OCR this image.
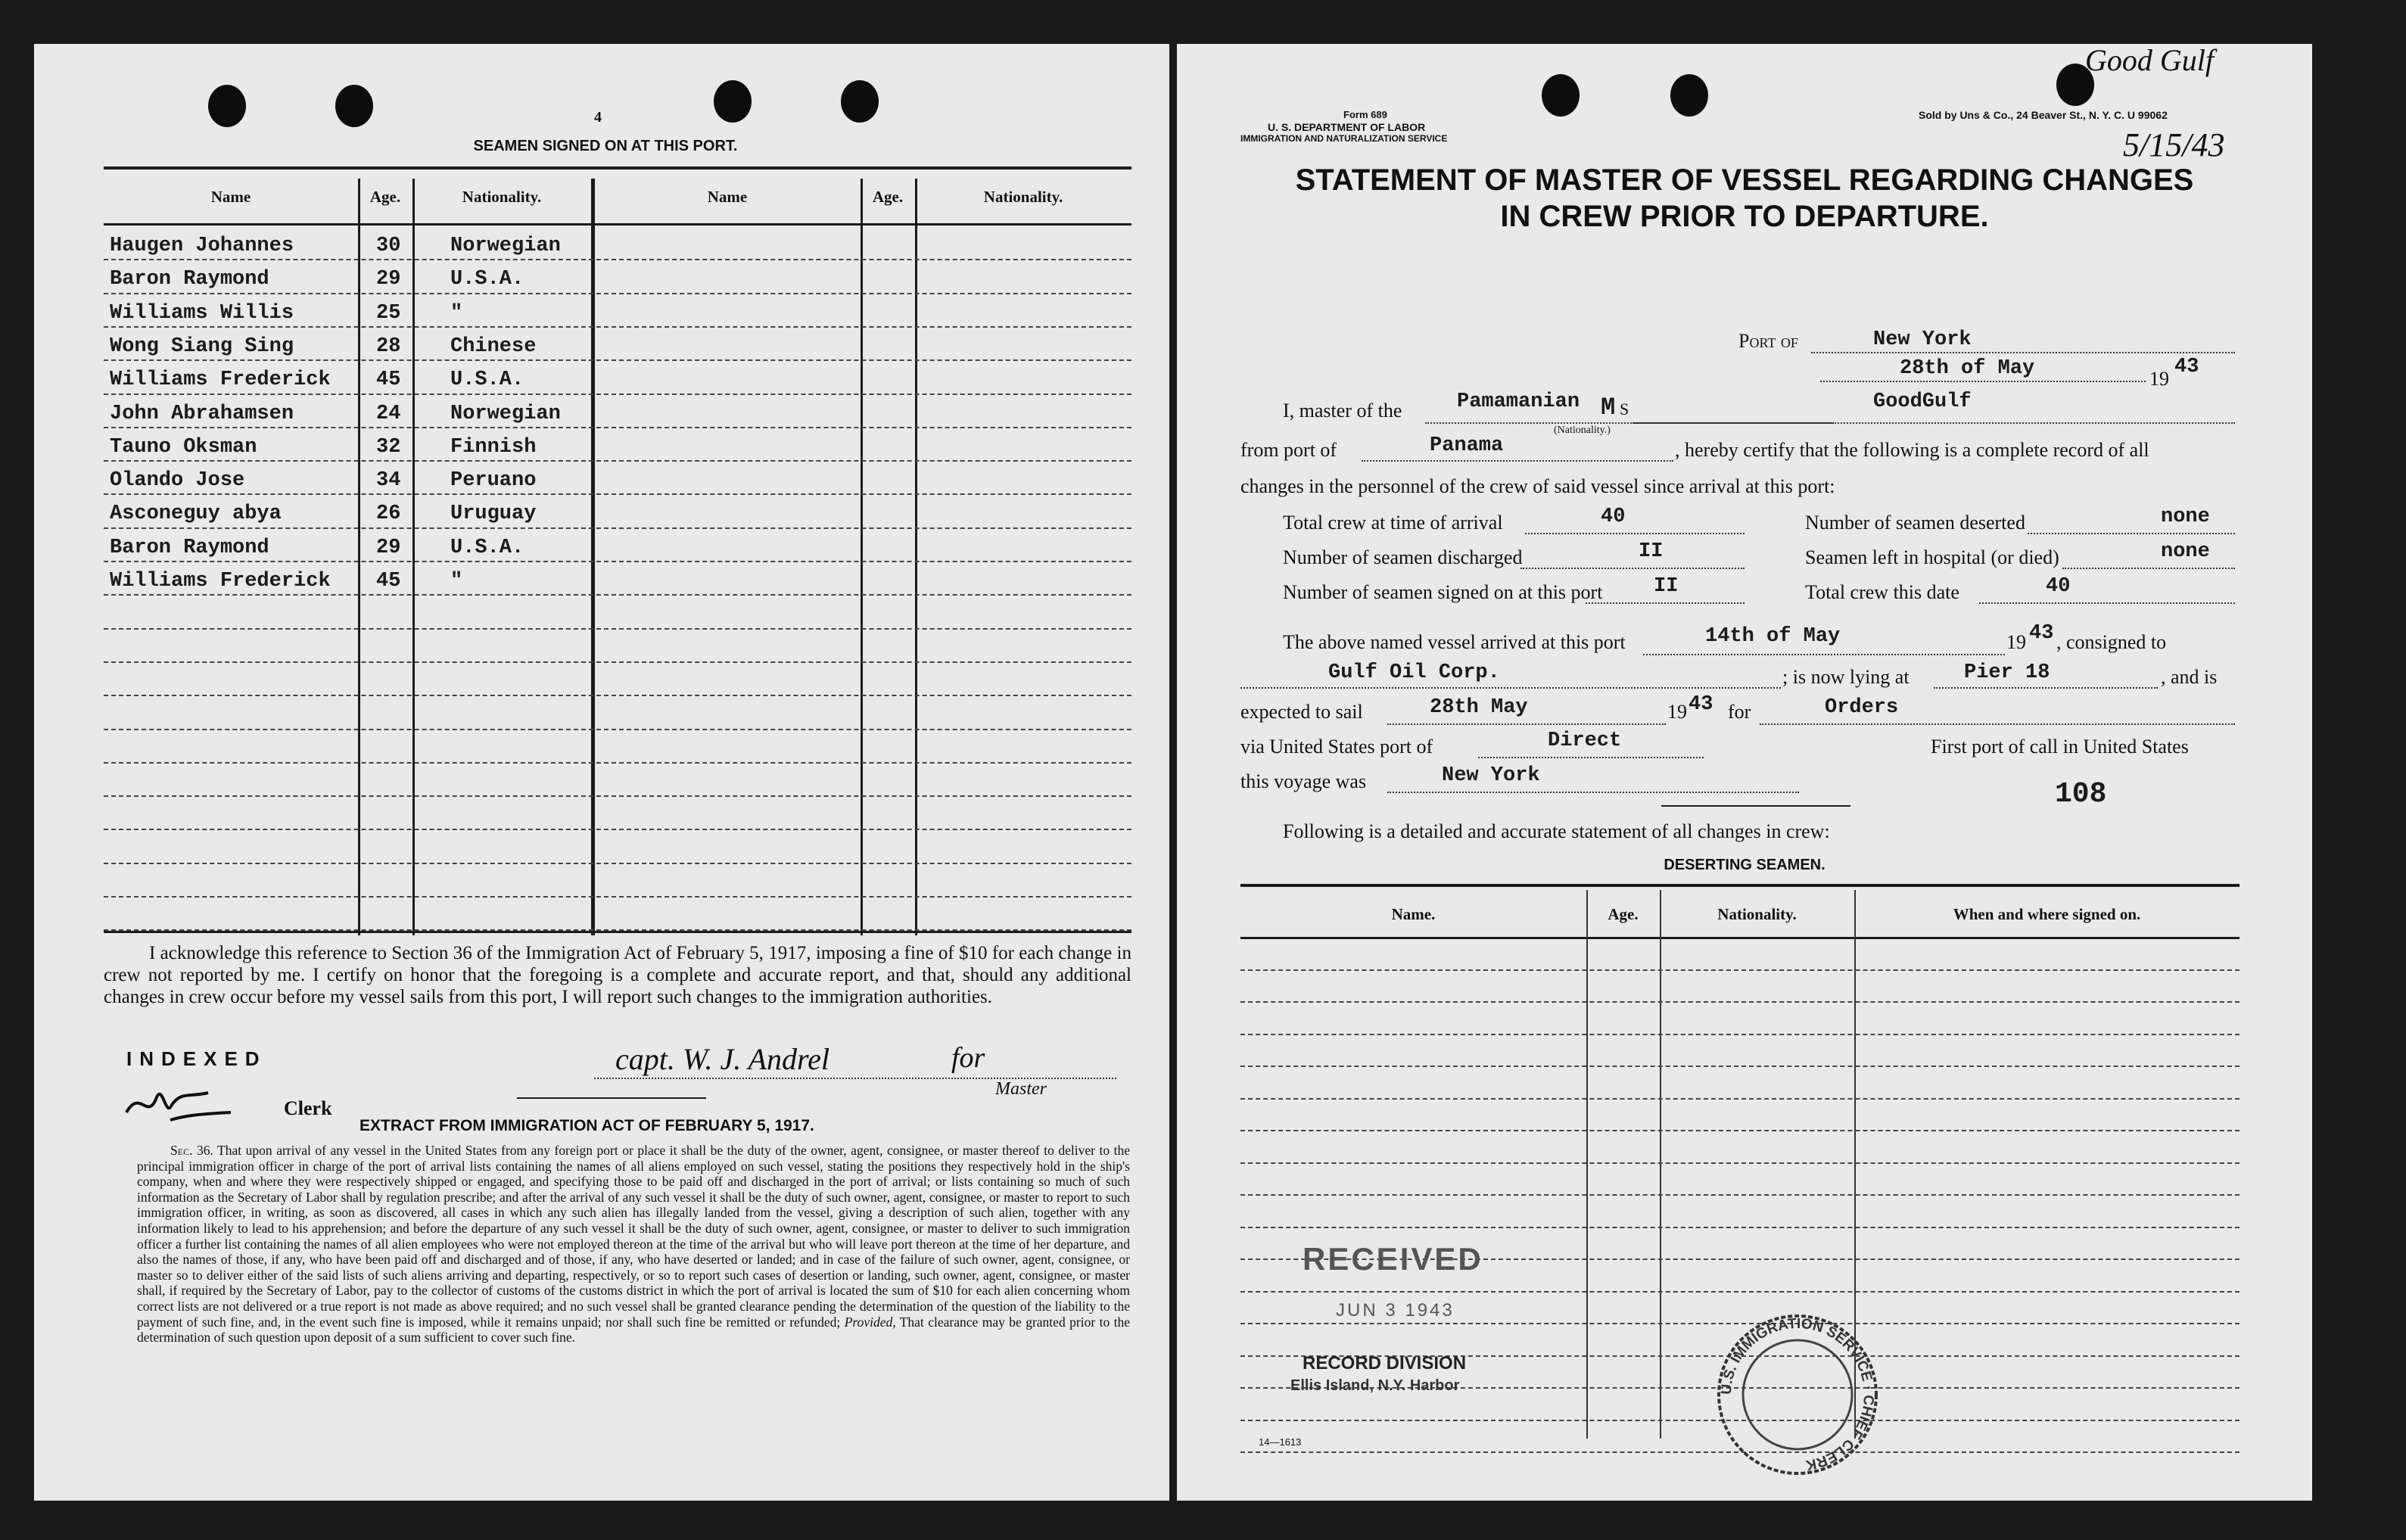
4
SEAMEN SIGNED ON AT THIS PORT.
Name	Age.	Nationality.	Name	Age.	Nationality.
Haugen Johannes	30 Norwegian
Baron Raymond	29 U.S.A.
Williams Willis	25 "
Wong Siang Sing	28 Chinese
Williams Frederick 45 U.S.A.
John Abrahamsen	24 Norwegian
Tauno Oksman	32 Finnish
Olando Jose	34 Peruano
Asconeguy abya	26 Uruguay
Baron Raymond	29 U.S.A.
Williams Frederick 45 "
I acknowledge this reference to Section 36 of the Immigration Act of February 5, 1917, imposing a fine of $10 for each change in crew not reported by me. I certify on honor that the foregoing is a complete and accurate report, and that, should any additional changes in crew occur before my vessel sails from this port, I will report such changes to the immigration authorities.
INDEXED
Clerk
capt. W. J. Andrel	for
Master
EXTRACT FROM IMMIGRATION ACT OF FEBRUARY 5, 1917.
Sec. 36. That upon arrival of any vessel in the United States from any foreign port or place it shall be the duty of the owner, agent, consignee, or master thereof to deliver to the principal immigration officer in charge of the port of arrival lists containing the names of all aliens employed on such vessel, stating the positions they respectively hold in the ship's company, when and where they were respectively shipped or engaged, and specifying those to be paid off and discharged in the port of arrival; or lists containing so much of such information as the Secretary of Labor shall by regulation prescribe; and after the arrival of any such vessel it shall be the duty of such owner, agent, consignee, or master to report to such immigration officer, in writing, as soon as discovered, all cases in which any such alien has illegally landed from the vessel, giving a description of such alien, together with any information likely to lead to his apprehension; and before the departure of any such vessel it shall be the duty of such owner, agent, consignee, or master to deliver to such immigration officer a further list containing the names of all alien employees who were not employed thereon at the time of the arrival but who will leave port thereon at the time of her departure, and also the names of those, if any, who have been paid off and discharged and of those, if any, who have deserted or landed; and in case of the failure of such owner, agent, consignee, or master so to deliver either of the said lists of such aliens arriving and departing, respectively, or so to report such cases of desertion or landing, such owner, agent, consignee, or master shall, if required by the Secretary of Labor, pay to the collector of customs of the customs district in which the port of arrival is located the sum of $10 for each alien concerning whom correct lists are not delivered or a true report is not made as above required; and no such vessel shall be granted clearance pending the determination of the question of the liability to the payment of such fine, and, in the event such fine is imposed, while it remains unpaid; nor shall such fine be remitted or refunded; Provided, That clearance may be granted prior to the determination of such question upon deposit of a sum sufficient to cover such fine.
Form 689
U. S. DEPARTMENT OF LABOR
IMMIGRATION AND NATURALIZATION SERVICE
Sold by Uns & Co., 24 Beaver St., N. Y. C. U 99062
Good Gulf
5/15/43
STATEMENT OF MASTER OF VESSEL REGARDING CHANGES
IN CREW PRIOR TO DEPARTURE.
Port of	New York
28th of May	19
43
I, master of the	Pamamanian M S	GoodGulf
(Nationality.)
from port of	Panama	, hereby certify that the following is a complete record of all
changes in the personnel of the crew of said vessel since arrival at this port:
Total crew at time of arrival	40	Number of seamen deserted	none
Number of seamen discharged	II	Seamen left in hospital (or died)	none
Number of seamen signed on at this port	II	Total crew this date	40
The above named vessel arrived at this port	14th of May	19 43 , consigned to
Gulf Oil Corp.	; is now lying at	Pier 18	, and is
expected to sail	28th May	19 43 for	Orders
via United States port of	Direct	First port of call in United States
this voyage was	New York
108
Following is a detailed and accurate statement of all changes in crew:
DESERTING SEAMEN.
Name.	Age.	Nationality.	When and where signed on.
RECEIVED
JUN 3 1943
RECORD DIVISION
Ellis Island, N.Y. Harbor	U.S. IMMIGRATION SERVICE · CHIEF CLERK
14—1613
